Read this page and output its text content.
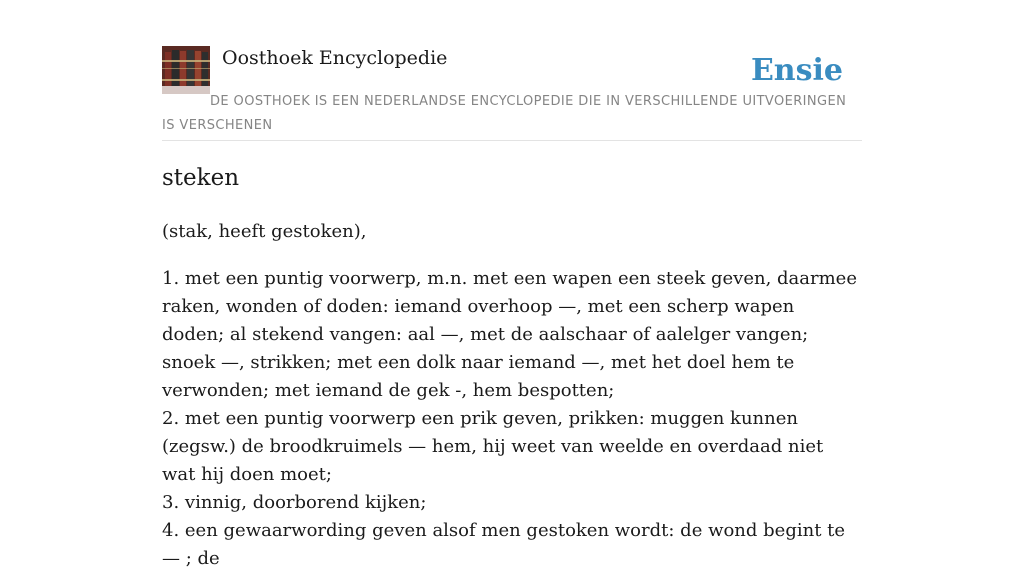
Oosthoek Encyclopedie	Ensie
DE OOSTHOEK IS EEN NEDERLANDSE ENCYCLOPEDIE DIE IN VERSCHILLENDE UITVOERINGEN IS VERSCHENEN
steken

(stak, heeft gestoken),

1. met een puntig voorwerp, m.n. met een wapen een steek geven, daarmee raken, wonden of doden: iemand overhoop —, met een scherp wapen doden; al stekend vangen: aal —, met de aalschaar of aalelger vangen; snoek —, strikken; met een dolk naar iemand —, met het doel hem te verwonden; met iemand de gek -, hem bespotten;
2. met een puntig voorwerp een prik geven, prikken: muggen kunnen (zegsw.) de broodkruimels — hem, hij weet van weelde en overdaad niet wat hij doen moet;
3. vinnig, doorborend kijken;
4. een gewaarwording geven alsof men gestoken wordt: de wond begint te — ; de
